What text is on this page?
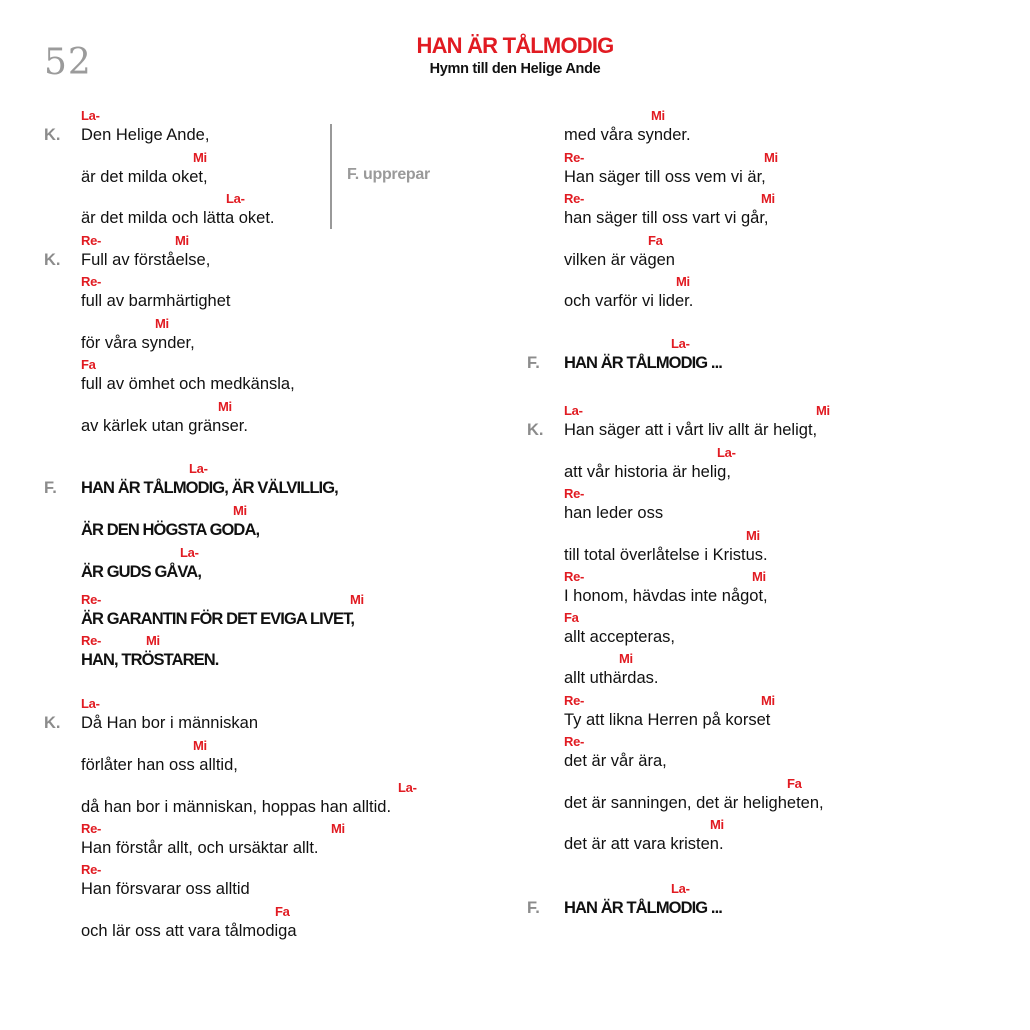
52	HAN ÄR TÅLMODIG
Hymn till den Helige Ande
F. upprepar
La-
K. Den Helige Ande,
Mi
är det milda oket,
La-
är det milda och lätta oket.
Re-	Mi
K. Full av förståelse,
Re-
full av barmhärtighet
Mi
för våra synder,
Fa
full av ömhet och medkänsla,
Mi
av kärlek utan gränser.
La-
F. HAN ÄR TÅLMODIG, ÄR VÄLVILLIG,
Mi
ÄR DEN HÖGSTA GODA,
La-
ÄR GUDS GÅVA,
Re-	Mi
ÄR GARANTIN FÖR DET EVIGA LIVET,
Re-	Mi
HAN, TRÖSTAREN.
La-
K. Då Han bor i människan
Mi
förlåter han oss alltid,
La-
då han bor i människan, hoppas han alltid.
Re-	Mi
Han förstår allt, och ursäktar allt.
Re-
Han försvarar oss alltid
Fa
och lär oss att vara tålmodiga
Mi
med våra synder.
Re-	Mi
Han säger till oss vem vi är,
Re-	Mi
han säger till oss vart vi går,
Fa
vilken är vägen
Mi
och varför vi lider.
La-
F. HAN ÄR TÅLMODIG ...
La-	Mi
K. Han säger att i vårt liv allt är heligt,
La-
att vår historia är helig,
Re-
han leder oss
Mi
till total överlåtelse i Kristus.
Re-	Mi
I honom, hävdas inte något,
Fa
allt accepteras,
Mi
allt uthärdas.
Re-	Mi
Ty att likna Herren på korset
Re-
det är vår ära,
Fa
det är sanningen, det är heligheten,
Mi
det är att vara kristen.
La-
F. HAN ÄR TÅLMODIG ...
